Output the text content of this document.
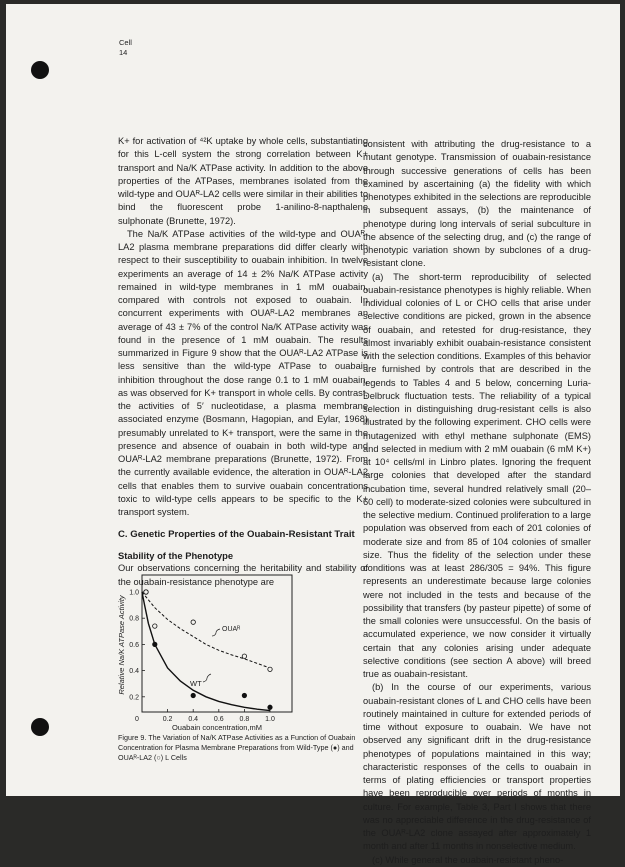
Cell
14

K+ for activation of ⁴²K uptake by whole cells, substantiating for this L-cell system the strong correlation between K+ transport and Na/K ATPase activity. In addition to the above properties of the ATPases, membranes isolated from the wild-type and OUAᴿ-LA2 cells were similar in their abilities to bind the fluorescent probe 1-anilino-8-napthalene sulphonate (Brunette, 1972).

The Na/K ATPase activities of the wild-type and OUAᴿ-LA2 plasma membrane preparations did differ clearly with respect to their susceptibility to ouabain inhibition. In twelve experiments an average of 14 ± 2% Na/K ATPase activity remained in wild-type membranes in 1 mM ouabain, compared with controls not exposed to ouabain. In concurrent experiments with OUAᴿ-LA2 membranes an average of 43 ± 7% of the control Na/K ATPase activity was found in the presence of 1 mM ouabain. The results summarized in Figure 9 show that the OUAᴿ-LA2 ATPase is less sensitive than the wild-type ATPase to ouabain inhibition throughout the dose range 0.1 to 1 mM ouabain, as was observed for K+ transport in whole cells. By contrast, the activities of 5′ nucleotidase, a plasma membrane associated enzyme (Bosmann, Hagopian, and Eylar, 1968) presumably unrelated to K+ transport, were the same in the presence and absence of ouabain in both wild-type and OUAᴿ-LA2 membrane preparations (Brunette, 1972). From the currently available evidence, the alteration in OUAᴿ-LA2 cells that enables them to survive ouabain concentrations toxic to wild-type cells appears to be specific to the K+ transport system.

C. Genetic Properties of the Ouabain-Resistant Trait
Stability of the Phenotype

Our observations concerning the heritability and stability of the ouabain-resistance phenotype are

consistent with attributing the drug-resistance to a mutant genotype. Transmission of ouabain-resistance through successive generations of cells has been examined by ascertaining (a) the fidelity with which phenotypes exhibited in the selections are reproducible in subsequent assays, (b) the maintenance of phenotype during long intervals of serial subculture in the absence of the selecting drug, and (c) the range of phenotypic variation shown by subclones of a drug-resistant clone.

(a) The short-term reproducibility of selected ouabain-resistance phenotypes is highly reliable. When individual colonies of L or CHO cells that arise under selective conditions are picked, grown in the absence of ouabain, and retested for drug-resistance, they almost invariably exhibit ouabain-resistance consistent with the selection conditions. Examples of this behavior are furnished by controls that are described in the legends to Tables 4 and 5 below, concerning Luria-Delbruck fluctuation tests. The reliability of a typical selection in distinguishing drug-resistant cells is also illustrated by the following experiment. CHO cells were mutagenized with ethyl methane sulphonate (EMS) and selected in medium with 2 mM ouabain (6 mM K+) at 10⁴ cells/ml in Linbro plates. Ignoring the frequent large colonies that developed after the standard incubation time, several hundred relatively small (20–60 cell) to moderate-sized colonies were subcultured in the selective medium. Continued proliferation to a large population was observed from each of 201 colonies of moderate size and from 85 of 104 colonies of smaller size. Thus the fidelity of the selection under these conditions was at least 286/305 = 94%. This figure represents an underestimate because large colonies were not included in the tests and because of the possibility that transfers (by pasteur pipette) of some of the small colonies were unsuccessful. On the basis of accumulated experience, we now consider it virtually certain that any colonies arising under adequate selective conditions (see section A above) will breed true as ouabain-resistant.

(b) In the course of our experiments, various ouabain-resistant clones of L and CHO cells have been routinely maintained in culture for extended periods of time without exposure to ouabain. We have not observed any significant drift in the drug-resistance phenotypes of populations maintained in this way; characteristic responses of the cells to ouabain in terms of plating efficiencies or transport properties have been reproducible over periods of months in culture. For example, Table 3, Part I shows that there was no appreciable difference in the drug-resistance of the OUAᴿ-LA2 clone assayed after approximately 1 month and after 11 months in nonselective medium.

(c) While general the ouabain-resistant pheno-

0	0.2 0.4 0.6 0.8 1.0
0.2
0.4
0.6
0.8
1.0
Ouabain concentration,mM
Relative Na/K ATPase Activity	OUAᴿ
WT
Figure 9. The Variation of Na/K ATPase Activities as a Function of Ouabain Concentration for Plasma Membrane Preparations from Wild-Type (●) and OUAᴿ-LA2 (○) L Cells
